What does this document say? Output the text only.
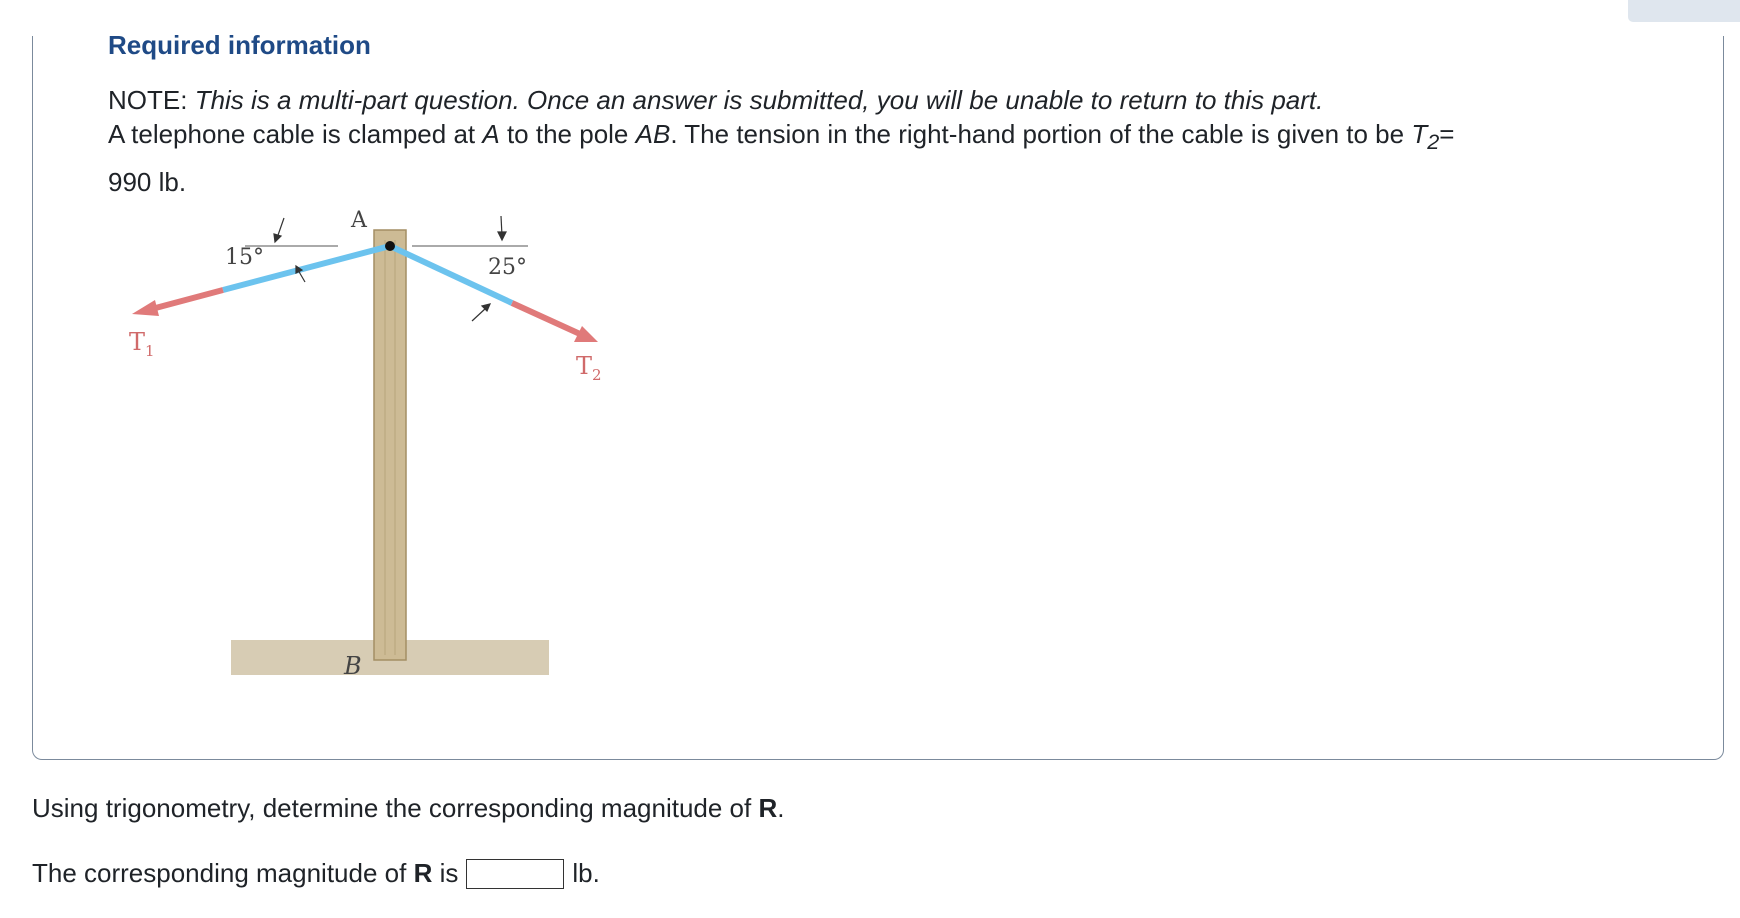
Required information

NOTE: This is a multi-part question. Once an answer is submitted, you will be unable to return to this part.

A telephone cable is clamped at A to the pole AB. The tension in the right-hand portion of the cable is given to be $T_2=$
990 lb.

A
15°	25°
B
$T_1$
$T_2$

Using trigonometry, determine the corresponding magnitude of R.

The corresponding magnitude of
R
is	lb.
